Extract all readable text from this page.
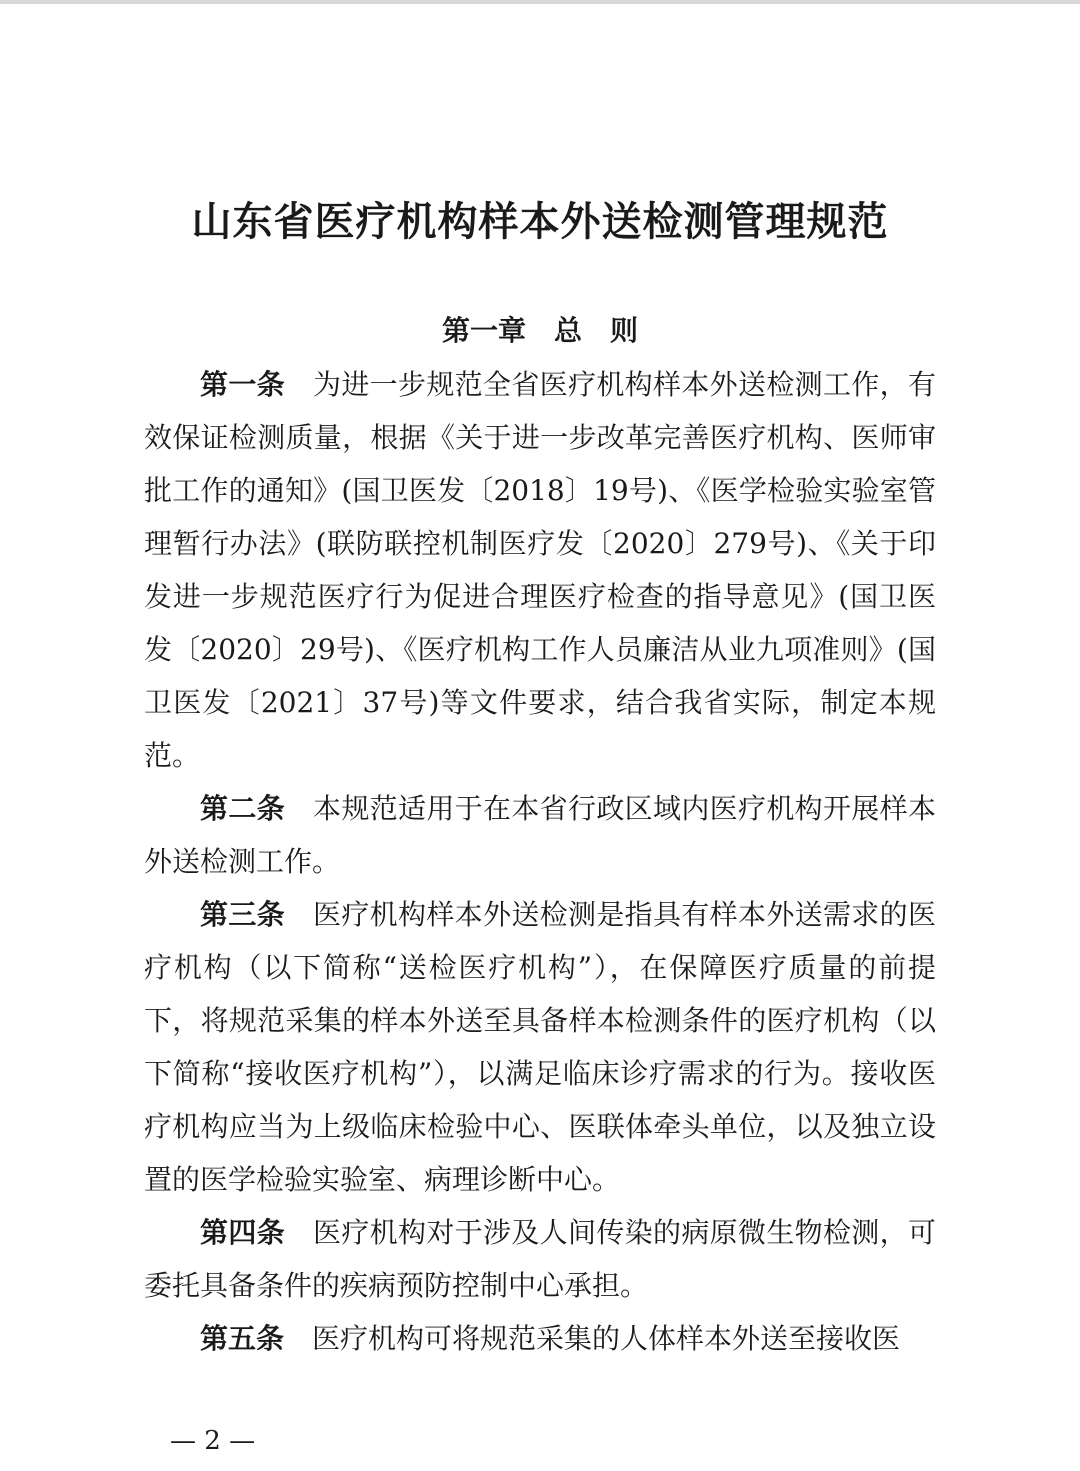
山东省医疗机构样本外送检测管理规范
第一章　总　则

第一条 为进一步规范全省医疗机构样本外送检测工作，有效保证检测质量，根据《关于进一步改革完善医疗机构、医师审批工作的通知》(国卫医发〔2018〕19号)、《医学检验实验室管理暂行办法》(联防联控机制医疗发〔2020〕279号)、《关于印发进一步规范医疗行为促进合理医疗检查的指导意见》(国卫医发〔2020〕29号)、《医疗机构工作人员廉洁从业九项准则》(国卫医发〔2021〕37号)等文件要求，结合我省实际，制定本规范。

第二条 本规范适用于在本省行政区域内医疗机构开展样本外送检测工作。

第三条 医疗机构样本外送检测是指具有样本外送需求的医疗机构（以下简称“送检医疗机构”），在保障医疗质量的前提下，将规范采集的样本外送至具备样本检测条件的医疗机构（以下简称“接收医疗机构”），以满足临床诊疗需求的行为。接收医疗机构应当为上级临床检验中心、医联体牵头单位，以及独立设置的医学检验实验室、病理诊断中心。

第四条 医疗机构对于涉及人间传染的病原微生物检测，可委托具备条件的疾病预防控制中心承担。

第五条 医疗机构可将规范采集的人体样本外送至接收医

— 2 —
